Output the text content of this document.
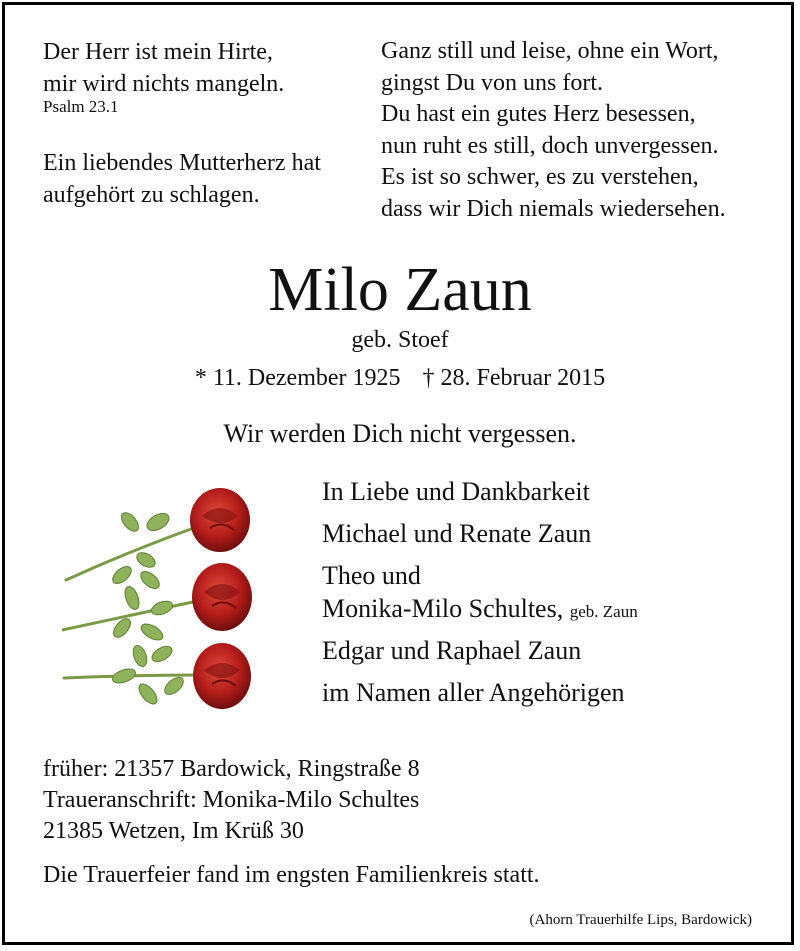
Der Herr ist mein Hirte,
mir wird nichts mangeln.
Psalm 23.1
Ein liebendes Mutterherz hat
aufgehört zu schlagen.
Ganz still und leise, ohne ein Wort,
gingst Du von uns fort.
Du hast ein gutes Herz besessen,
nun ruht es still, doch unvergessen.
Es ist so schwer, es zu verstehen,
dass wir Dich niemals wiedersehen.
Milo Zaun
geb. Stoef
* 11. Dezember 1925 † 28. Februar 2015
Wir werden Dich nicht vergessen.
In Liebe und Dankbarkeit
Michael und Renate Zaun
Theo und
Monika-Milo Schultes, geb. Zaun
Edgar und Raphael Zaun
im Namen aller Angehörigen
früher: 21357 Bardowick, Ringstraße 8
Traueranschrift: Monika-Milo Schultes
21385 Wetzen, Im Krüß 30
Die Trauerfeier fand im engsten Familienkreis statt.
(Ahorn Trauerhilfe Lips, Bardowick)
